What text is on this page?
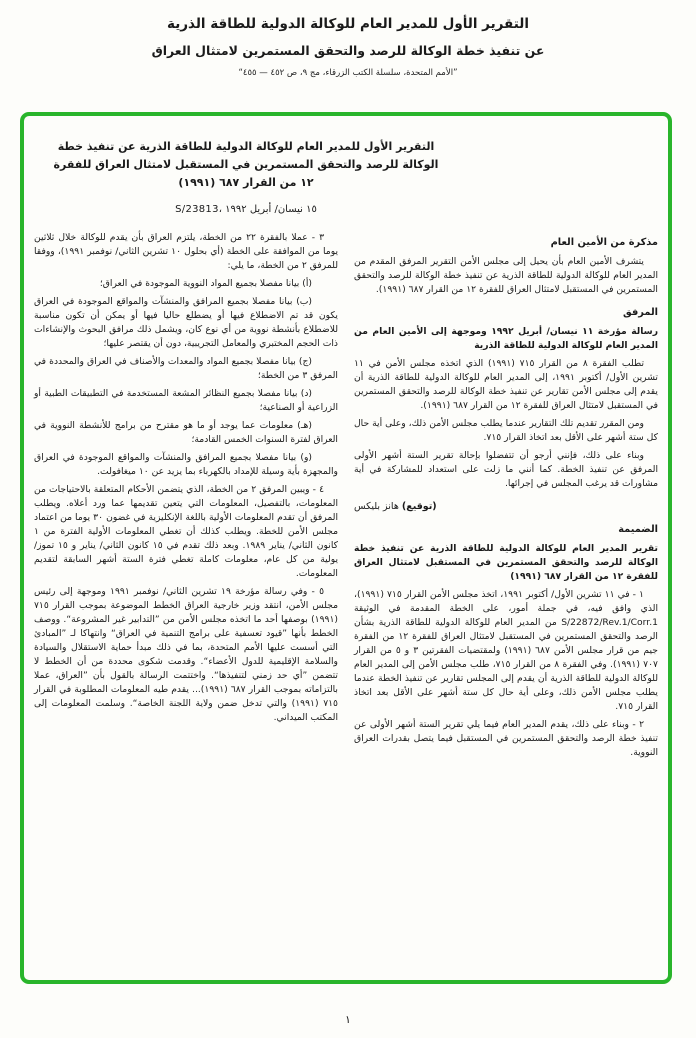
التقرير الأول للمدير العام للوكالة الدولية للطاقة الذرية
عن تنفيذ خطة الوكالة للرصد والتحقق المستمرين لامتثال العراق
”الأمم المتحدة، سلسلة الكتب الزرقاء، مج ٩، ص ٤٥٢ — ٤٥٥“
التقرير الأول للمدير العام للوكالة الدولية للطاقة الذرية عن تنفيذ خطة الوكالة للرصد والتحقق المستمرين في المستقبل لامتثال العراق للفقرة ١٢ من القرار ٦٨٧ (١٩٩١)
S/23813، ١٥ نيسان/ أبريل ١٩٩٢
مذكرة من الأمين العام

يتشرف الأمين العام بأن يحيل إلى مجلس الأمن التقرير المرفق المقدم من المدير العام للوكالة الدولية للطاقة الذرية عن تنفيذ خطة الوكالة للرصد والتحقق المستمرين في المستقبل لامتثال العراق للفقرة ١٢ من القرار ٦٨٧ (١٩٩١).

المرفق

رسالة مؤرخة ١١ نيسان/ أبريل ١٩٩٢ وموجهة إلى الأمين العام من المدير العام للوكالة الدولية للطاقة الذرية

تطلب الفقرة ٨ من القرار ٧١٥ (١٩٩١) الذي اتخذه مجلس الأمن في ١١ تشرين الأول/ أكتوبر ١٩٩١، إلى المدير العام للوكالة الدولية للطاقة الذرية أن يقدم إلى مجلس الأمن تقارير عن تنفيذ خطة الوكالة للرصد والتحقق المستمرين في المستقبل لامتثال العراق للفقرة ١٢ من القرار ٦٨٧ (١٩٩١).

ومن المقرر تقديم تلك التقارير عندما يطلب مجلس الأمن ذلك، وعلى أية حال كل ستة أشهر على الأقل بعد اتخاذ القرار ٧١٥.

وبناء على ذلك، فإنني أرجو أن تتفضلوا بإحالة تقرير الستة أشهر الأولى المرفق عن تنفيذ الخطة. كما أنني ما زلت على استعداد للمشاركة في أية مشاورات قد يرغب المجلس في إجرائها.

(توقيع) هانز بليكس
الضميمة

تقرير المدير العام للوكالة الدولية للطاقة الذرية عن تنفيذ خطة الوكالة للرصد والتحقق المستمرين في المستقبل لامتثال العراق للفقرة ١٢ من القرار ٦٨٧ (١٩٩١)

١ - في ١١ تشرين الأول/ أكتوبر ١٩٩١، اتخذ مجلس الأمن القرار ٧١٥ (١٩٩١)، الذي وافق فيه، في جملة أمور، على الخطة المقدمة في الوثيقة S/22872/Rev.1/Corr.1 من المدير العام للوكالة الدولية للطاقة الذرية بشأن الرصد والتحقق المستمرين في المستقبل لامتثال العراق للفقرة ١٢ من الفقرة جيم من قرار مجلس الأمن ٦٨٧ (١٩٩١) ولمقتضيات الفقرتين ٣ و ٥ من القرار ٧٠٧ (١٩٩١). وفي الفقرة ٨ من القرار ٧١٥، طلب مجلس الأمن إلى المدير العام للوكالة الدولية للطاقة الذرية أن يقدم إلى المجلس تقارير عن تنفيذ الخطة عندما يطلب مجلس الأمن ذلك، وعلى أية حال كل ستة أشهر على الأقل بعد اتخاذ القرار ٧١٥.

٢ - وبناء على ذلك، يقدم المدير العام فيما يلي تقرير الستة أشهر الأولى عن تنفيذ خطة الرصد والتحقق المستمرين في المستقبل فيما يتصل بقدرات العراق النووية.

٣ - عملا بالفقرة ٢٢ من الخطة، يلتزم العراق بأن يقدم للوكالة خلال ثلاثين يوما من الموافقة على الخطة (أي بحلول ١٠ تشرين الثاني/ نوفمبر ١٩٩١)، ووفقا للمرفق ٢ من الخطة، ما يلي:

(أ) بيانا مفصلا بجميع المواد النووية الموجودة في العراق؛

(ب) بيانا مفصلا بجميع المرافق والمنشآت والمواقع الموجودة في العراق يكون قد تم الاضطلاع فيها أو يضطلع حاليا فيها أو يمكن أن تكون مناسبة للاضطلاع بأنشطة نووية من أي نوع كان، ويشمل ذلك مرافق البحوث والإنشاءات ذات الحجم المختبري والمعامل التجريبية، دون أن يقتصر عليها؛

(ج) بيانا مفصلا بجميع المواد والمعدات والأصناف في العراق والمحددة في المرفق ٣ من الخطة؛

(د) بيانا مفصلا بجميع النظائر المشعة المستخدمة في التطبيقات الطبية أو الزراعية أو الصناعية؛

(هـ) معلومات عما يوجد أو ما هو مقترح من برامج للأنشطة النووية في العراق لفترة السنوات الخمس القادمة؛

(و) بيانا مفصلا بجميع المرافق والمنشآت والمواقع الموجودة في العراق والمجهزة بأية وسيلة للإمداد بالكهرباء بما يزيد عن ١٠ ميغافولت.

٤ - ويبين المرفق ٢ من الخطة، الذي يتضمن الأحكام المتعلقة بالاحتياجات من المعلومات، بالتفصيل، المعلومات التي يتعين تقديمها عما ورد أعلاه. ويطلب المرفق أن تقدم المعلومات الأولية باللغة الإنكليزية في غضون ٣٠ يوما من اعتماد مجلس الأمن للخطة. ويطلب كذلك أن تغطي المعلومات الأولية الفترة من ١ كانون الثاني/ يناير ١٩٨٩. وبعد ذلك تقدم في ١٥ كانون الثاني/ يناير و ١٥ تموز/ يولية من كل عام، معلومات كاملة تغطي فترة الستة أشهر السابقة لتقديم المعلومات.

٥ - وفي رسالة مؤرخة ١٩ تشرين الثاني/ نوفمبر ١٩٩١ وموجهة إلى رئيس مجلس الأمن، انتقد وزير خارجية العراق الخطط الموضوعة بموجب القرار ٧١٥ (١٩٩١) بوصفها أحد ما اتخذه مجلس الأمن من ”التدابير غير المشروعة“. ووصف الخطط بأنها ”قيود تعسفية على برامج التنمية في العراق“ وانتهاكا لـ ”المبادئ التي أسست عليها الأمم المتحدة، بما في ذلك مبدأ حماية الاستقلال والسيادة والسلامة الإقليمية للدول الأعضاء“. وقدمت شكوى محددة من أن الخطط لا تتضمن ”أي حد زمني لتنفيذها“. واختتمت الرسالة بالقول بأن ”العراق، عملا بالتزاماته بموجب القرار ٦٨٧ (١٩٩١)... يقدم طيه المعلومات المطلوبة في القرار ٧١٥ (١٩٩١) والتي تدخل ضمن ولاية اللجنة الخاصة“. وسلمت المعلومات إلى المكتب الميداني.

١
